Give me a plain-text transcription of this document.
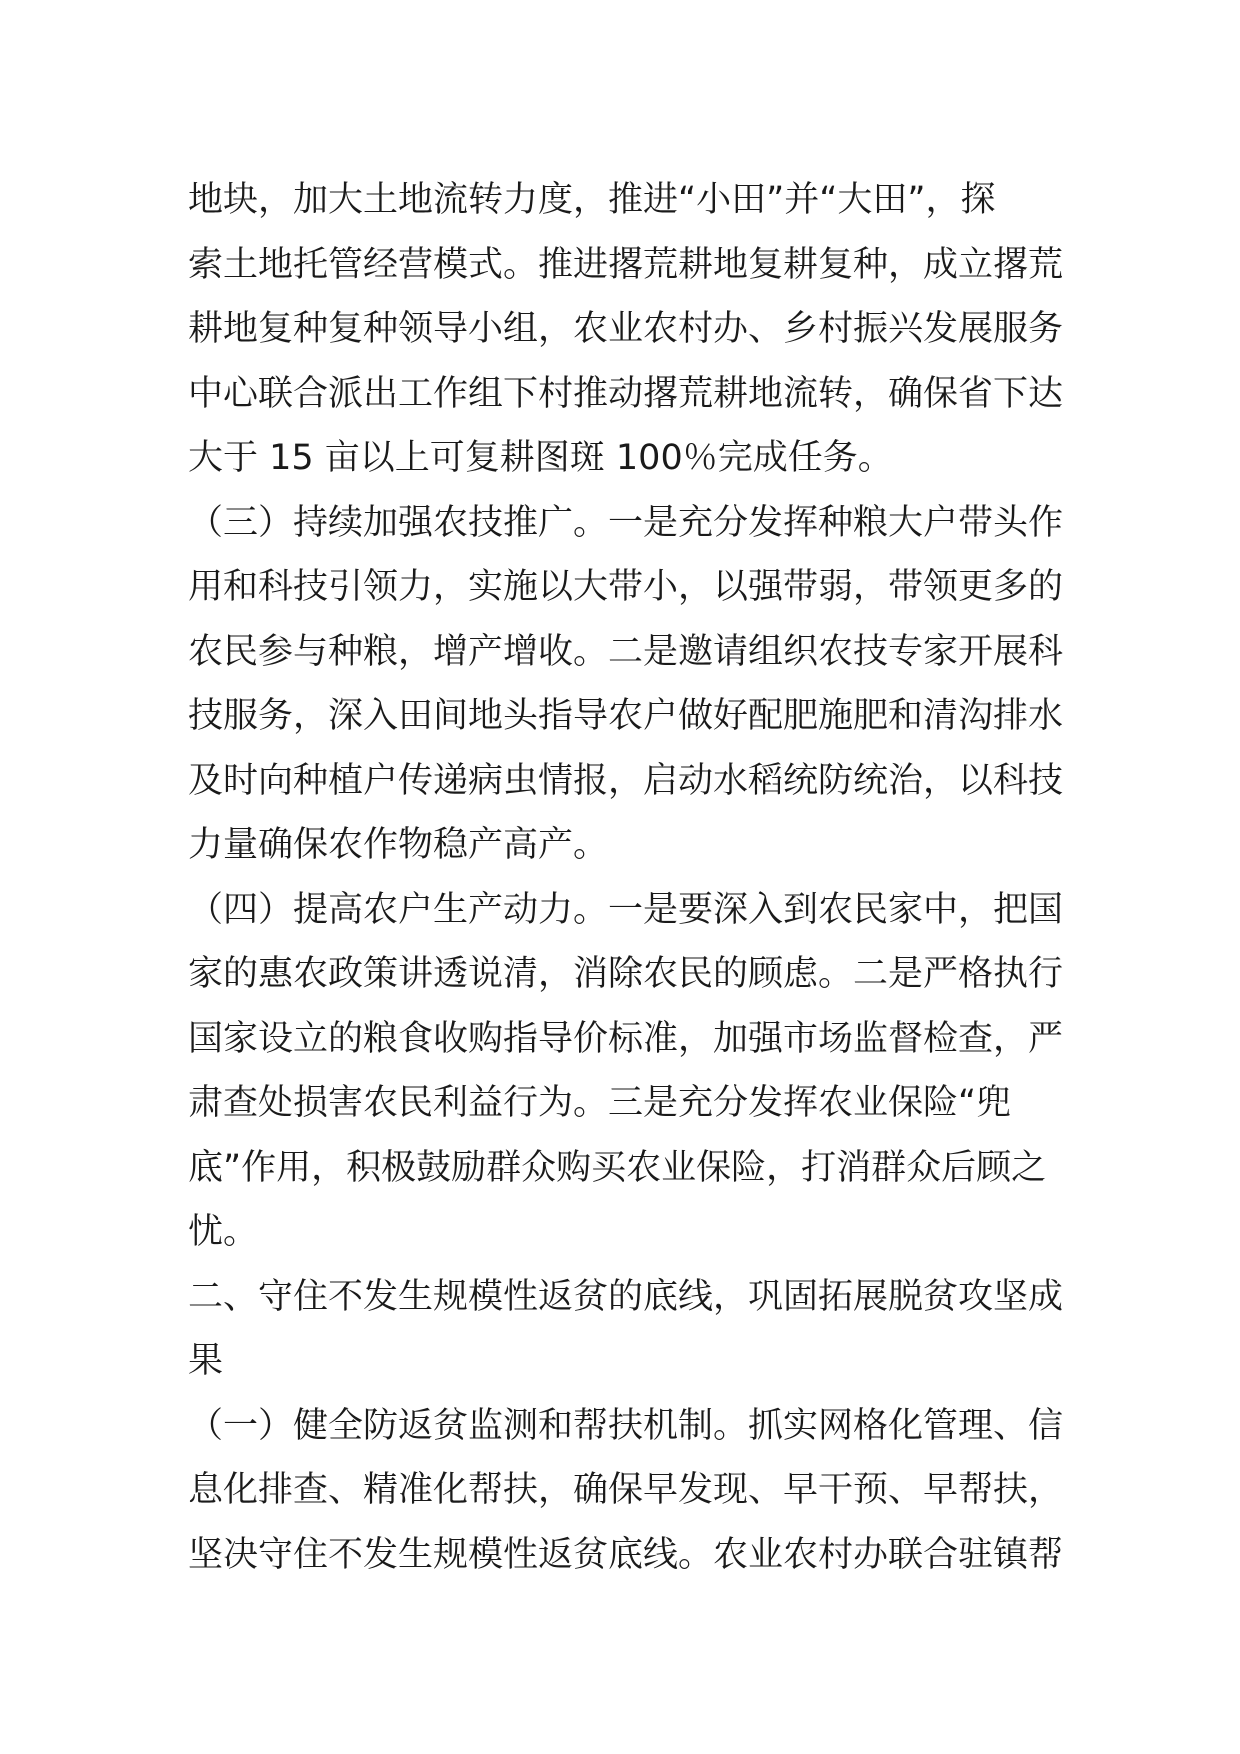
地块，加大土地流转力度，推进“小田”并“大田”，探
索土地托管经营模式。推进撂荒耕地复耕复种，成立撂荒
耕地复种复种领导小组，农业农村办、乡村振兴发展服务
中心联合派出工作组下村推动撂荒耕地流转，确保省下达
大于 15 亩以上可复耕图斑 100％完成任务。
（三）持续加强农技推广。一是充分发挥种粮大户带头作
用和科技引领力，实施以大带小，以强带弱，带领更多的
农民参与种粮，增产增收。二是邀请组织农技专家开展科
技服务，深入田间地头指导农户做好配肥施肥和清沟排水
及时向种植户传递病虫情报，启动水稻统防统治，以科技
力量确保农作物稳产高产。
（四）提高农户生产动力。一是要深入到农民家中，把国
家的惠农政策讲透说清，消除农民的顾虑。二是严格执行
国家设立的粮食收购指导价标准，加强市场监督检查，严
肃查处损害农民利益行为。三是充分发挥农业保险“兜
底”作用，积极鼓励群众购买农业保险，打消群众后顾之
忧。
二、守住不发生规模性返贫的底线，巩固拓展脱贫攻坚成
果
（一）健全防返贫监测和帮扶机制。抓实网格化管理、信
息化排查、精准化帮扶，确保早发现、早干预、早帮扶，
坚决守住不发生规模性返贫底线。农业农村办联合驻镇帮
